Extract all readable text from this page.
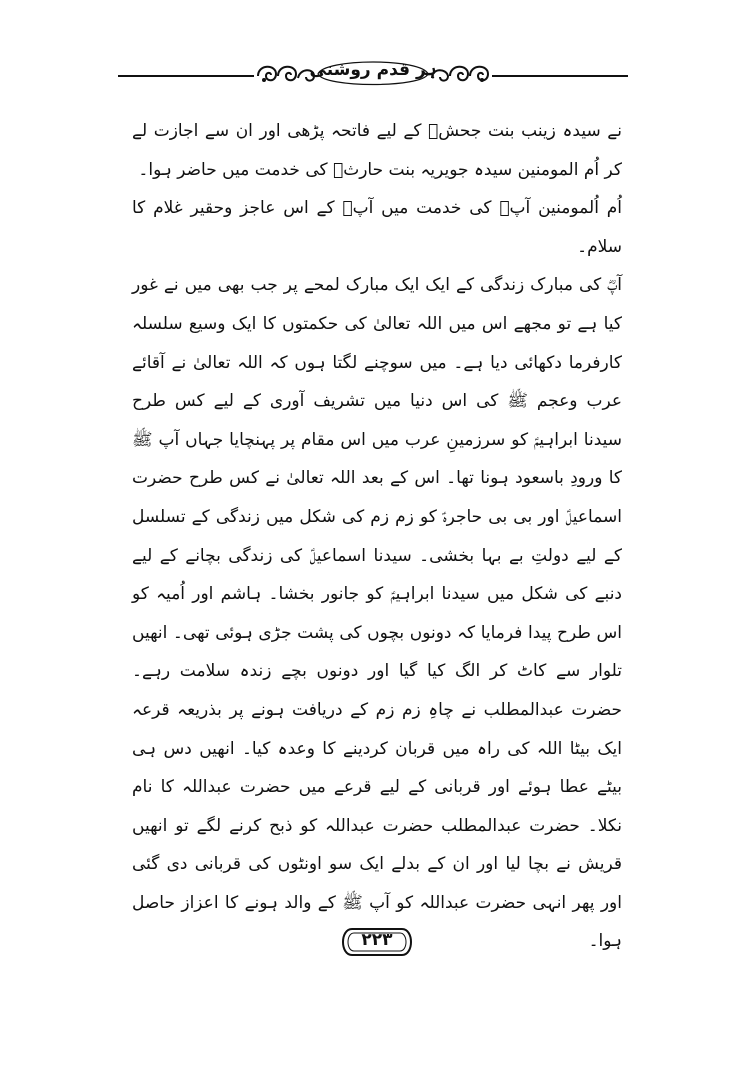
ہر قدم روشنی

نے سیدہ زینب بنت جحشؓ کے لیے فاتحہ پڑھی اور ان سے اجازت لے کر اُم المومنین سیدہ جویریہ بنت حارثؓ کی خدمت میں حاضر ہوا۔

اُم اُلمومنین آپؓ کی خدمت میں آپؓ کے اس عاجز وحقیر غلام کا سلام۔

آپؓ کی مبارک زندگی کے ایک ایک مبارک لمحے پر جب بھی میں نے غور کیا ہے تو مجھے اس میں اللہ تعالیٰ کی حکمتوں کا ایک وسیع سلسلہ کارفرما دکھائی دیا ہے۔ میں سوچنے لگتا ہوں کہ اللہ تعالیٰ نے آقائے عرب وعجم ﷺ کی اس دنیا میں تشریف آوری کے لیے کس طرح سیدنا ابراہیمؑ کو سرزمینِ عرب میں اس مقام پر پہنچایا جہاں آپ ﷺ کا ورودِ باسعود ہونا تھا۔ اس کے بعد اللہ تعالیٰ نے کس طرح حضرت اسماعیلؑ اور بی بی حاجرہؑ کو زم زم کی شکل میں زندگی کے تسلسل کے لیے دولتِ بے بہا بخشی۔ سیدنا اسماعیلؑ کی زندگی بچانے کے لیے دنبے کی شکل میں سیدنا ابراہیمؑ کو جانور بخشا۔ ہاشم اور اُمیہ کو اس طرح پیدا فرمایا کہ دونوں بچوں کی پشت جڑی ہوئی تھی۔ انھیں تلوار سے کاٹ کر الگ کیا گیا اور دونوں بچے زندہ سلامت رہے۔ حضرت عبدالمطلب نے چاہِ زم زم کے دریافت ہونے پر بذریعہ قرعہ ایک بیٹا اللہ کی راہ میں قربان کردینے کا وعدہ کیا۔ انھیں دس ہی بیٹے عطا ہوئے اور قربانی کے لیے قرعے میں حضرت عبداللہ کا نام نکلا۔ حضرت عبدالمطلب حضرت عبداللہ کو ذبح کرنے لگے تو انھیں قریش نے بچا لیا اور ان کے بدلے ایک سو اونٹوں کی قربانی دی گئی اور پھر انہی حضرت عبداللہ کو آپ ﷺ کے والد ہونے کا اعزاز حاصل ہوا۔

۲۲۳
